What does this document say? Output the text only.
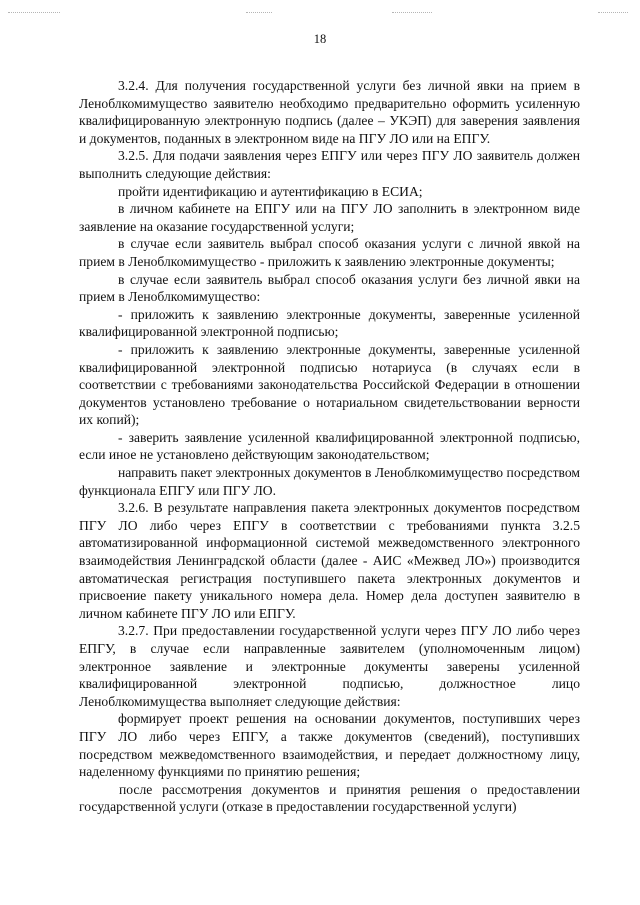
18

3.2.4. Для получения государственной услуги без личной явки на прием в Леноблкомимущество заявителю необходимо предварительно оформить усиленную квалифицированную электронную подпись (далее – УКЭП) для заверения заявления и документов, поданных в электронном виде на ПГУ ЛО или на ЕПГУ.

3.2.5. Для подачи заявления через ЕПГУ или через ПГУ ЛО заявитель должен выполнить следующие действия:

пройти идентификацию и аутентификацию в ЕСИА;

в личном кабинете на ЕПГУ или на ПГУ ЛО заполнить в электронном виде заявление на оказание государственной услуги;

в случае если заявитель выбрал способ оказания услуги с личной явкой на прием в Леноблкомимущество - приложить к заявлению электронные документы;

в случае если заявитель выбрал способ оказания услуги без личной явки на прием в Леноблкомимущество:

- приложить к заявлению электронные документы, заверенные усиленной квалифицированной электронной подписью;

- приложить к заявлению электронные документы, заверенные усиленной квалифицированной электронной подписью нотариуса (в случаях если в соответствии с требованиями законодательства Российской Федерации в отношении документов установлено требование о нотариальном свидетельствовании верности их копий);

- заверить заявление усиленной квалифицированной электронной подписью, если иное не установлено действующим законодательством;

направить пакет электронных документов в Леноблкомимущество посредством функционала ЕПГУ или ПГУ ЛО.

3.2.6. В результате направления пакета электронных документов посредством ПГУ ЛО либо через ЕПГУ в соответствии с требованиями пункта 3.2.5 автоматизированной информационной системой межведомственного электронного взаимодействия Ленинградской области (далее - АИС «Межвед ЛО») производится автоматическая регистрация поступившего пакета электронных документов и присвоение пакету уникального номера дела. Номер дела доступен заявителю в личном кабинете ПГУ ЛО или ЕПГУ.

3.2.7. При предоставлении государственной услуги через ПГУ ЛО либо через ЕПГУ, в случае если направленные заявителем (уполномоченным лицом) электронное заявление и электронные документы заверены усиленной квалифицированной электронной подписью, должностное лицо Леноблкомимущества выполняет следующие действия:

формирует проект решения на основании документов, поступивших через ПГУ ЛО либо через ЕПГУ, а также документов (сведений), поступивших посредством межведомственного взаимодействия, и передает должностному лицу, наделенному функциями по принятию решения;

после рассмотрения документов и принятия решения о предоставлении государственной услуги (отказе в предоставлении государственной услуги)
